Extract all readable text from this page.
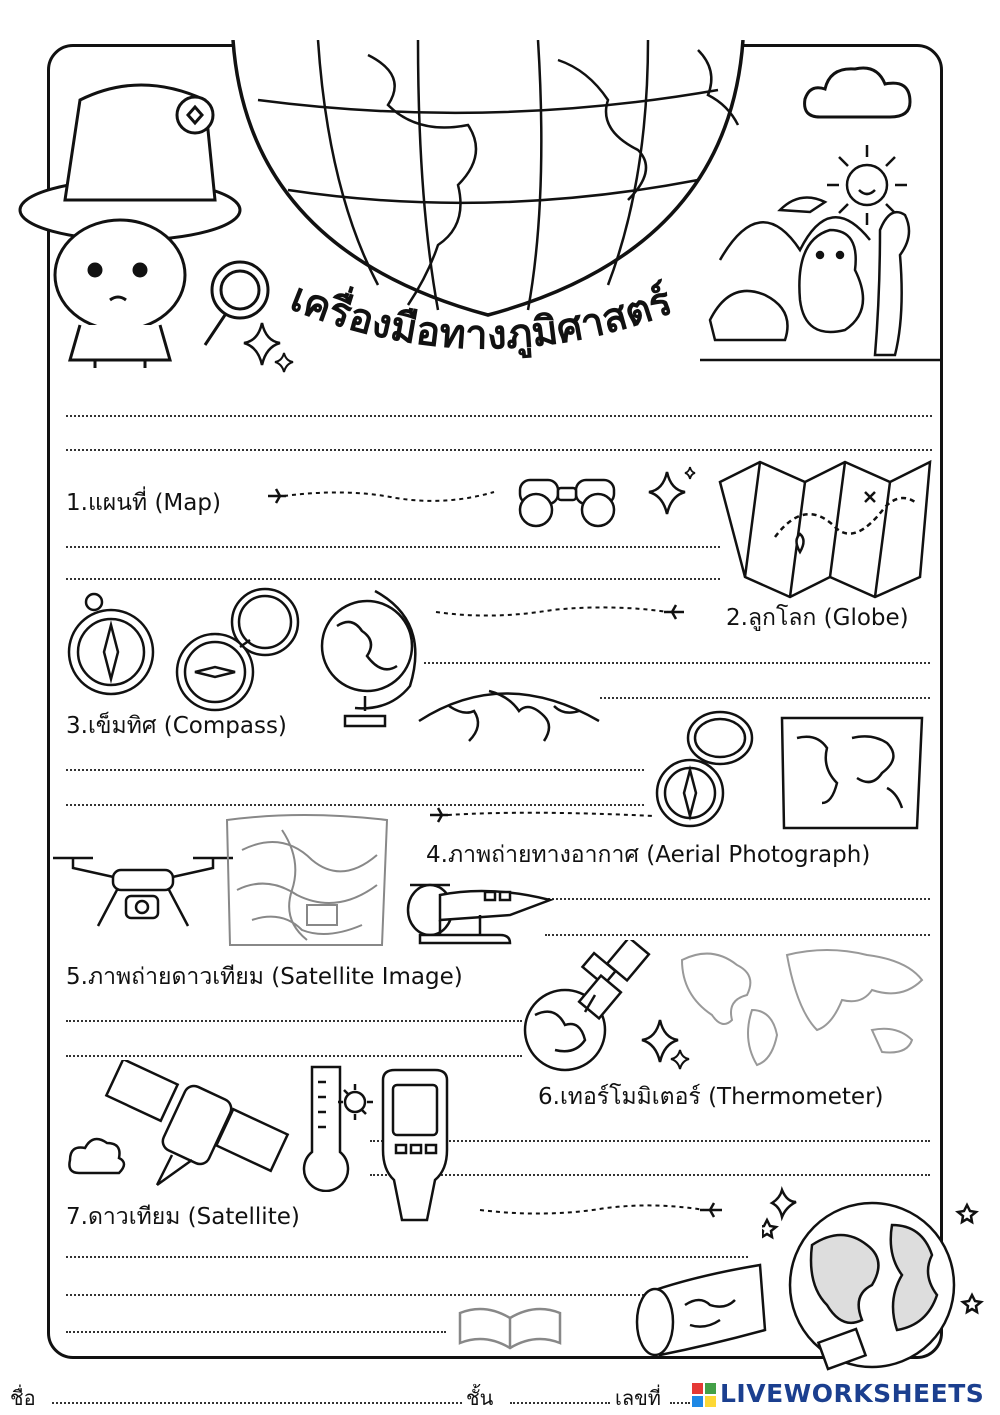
เครื่องมือทางภูมิศาสตร์
1.แผนที่ (Map)
2.ลูกโลก (Globe)
3.เข็มทิศ (Compass)
4.ภาพถ่ายทางอากาศ (Aerial Photograph)
5.ภาพถ่ายดาวเทียม (Satellite Image)
6.เทอร์โมมิเตอร์ (Thermometer)
7.ดาวเทียม (Satellite)
ชื่อ	ชั้น	เลขที่ LIVEWORKSHEETS
